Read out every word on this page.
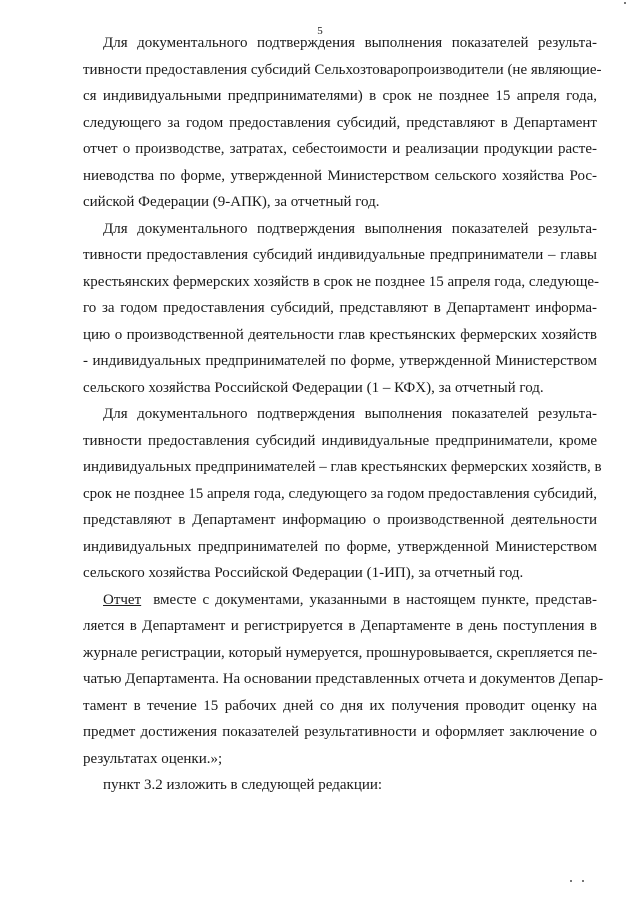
5
Для документального подтверждения выполнения показателей результа-
тивности предоставления субсидий Сельхозтоваропроизводители (не являющие-
ся индивидуальными предпринимателями) в срок не позднее 15 апреля года,
следующего за годом предоставления субсидий, представляют в Департамент
отчет о производстве, затратах, себестоимости и реализации продукции расте-
ниеводства по форме, утвержденной Министерством сельского хозяйства Рос-
сийской Федерации (9-АПК), за отчетный год.
Для документального подтверждения выполнения показателей результа-
тивности предоставления субсидий индивидуальные предприниматели – главы
крестьянских фермерских хозяйств в срок не позднее 15 апреля года, следующе-
го за годом предоставления субсидий, представляют в Департамент информа-
цию о производственной деятельности глав крестьянских фермерских хозяйств
- индивидуальных предпринимателей по форме, утвержденной Министерством
сельского хозяйства Российской Федерации (1 – КФХ), за отчетный год.
Для документального подтверждения выполнения показателей результа-
тивности предоставления субсидий индивидуальные предприниматели, кроме
индивидуальных предпринимателей – глав крестьянских фермерских хозяйств, в
срок не позднее 15 апреля года, следующего за годом предоставления субсидий,
представляют в Департамент информацию о производственной деятельности
индивидуальных предпринимателей по форме, утвержденной Министерством
сельского хозяйства Российской Федерации (1-ИП), за отчетный год.
Отчет  вместе с документами, указанными в настоящем пункте, представ-
ляется в Департамент и регистрируется в Департаменте в день поступления в
журнале регистрации, который нумеруется, прошнуровывается, скрепляется пе-
чатью Департамента. На основании представленных отчета и документов Депар-
тамент в течение 15 рабочих дней со дня их получения проводит оценку на
предмет достижения показателей результативности и оформляет заключение о
результатах оценки.»;
пункт 3.2 изложить в следующей редакции:
